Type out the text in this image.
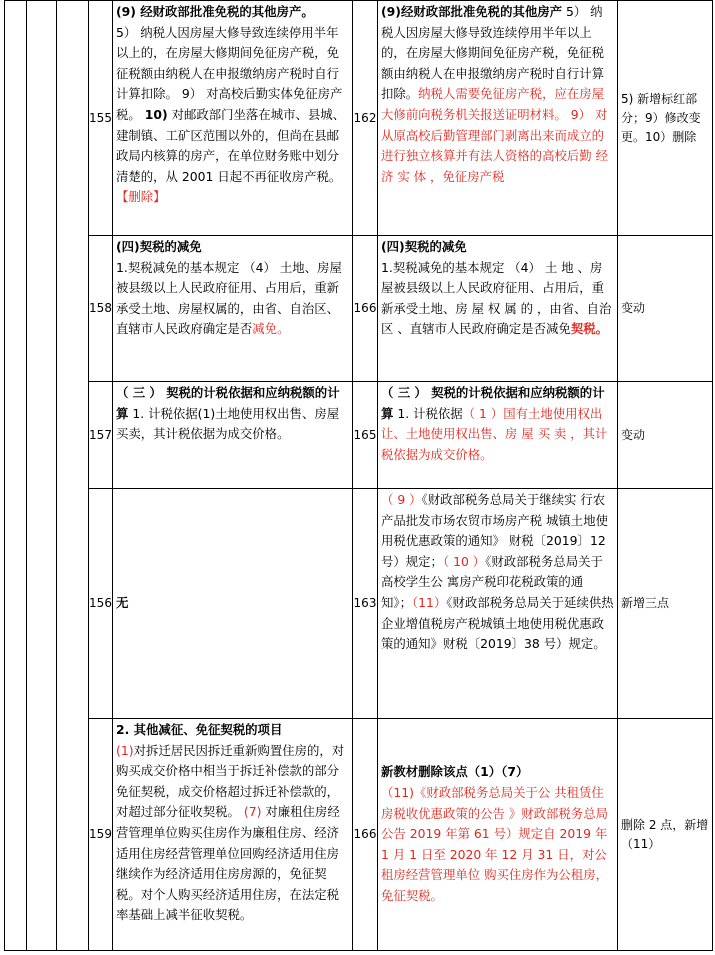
			155	(9) 经财政部批准免税的其他房产。
5） 纳税人因房屋大修导致连续停用半年以上的，在房屋大修期间免征房产税，免征税额由纳税人在申报缴纳房产税时自行计算扣除。 9） 对高校后勤实体免征房产税。 10) 对邮政部门坐落在城市、县城、建制镇、工矿区范围以外的，但尚在县邮政局内核算的房产，在单位财务账中划分清楚的，从 2001 日起不再征收房产税。【删除】	162	(9)经财政部批准免税的其他房产 5） 纳税人因房屋大修导致连续停用半年以上的，在房屋大修期间免征房产税，免征税额由纳税人在申报缴纳房产税时自行计算扣除。纳税人需要免征房产税，应在房屋大修前向税务机关报送证明材料。 9） 对从原高校后勤管理部门剥离出来而成立的进行独立核算并有法人资格的高校后勤 经 济 实 体 ，免征房产税	5) 新增标红部分；9）修改变更。10）删除
			158	(四)契税的减免
1.契税减免的基本规定 （4） 土地、房屋被县级以上人民政府征用、占用后，重新承受土地、房屋权属的，由省、自治区、直辖市人民政府确定是否减免。	166	(四)契税的减免
1.契税减免的基本规定 （4） 土 地 、房屋被县级以上人民政府征用、占用后，重新承受土地、房 屋 权 属 的 ，由省、自治 区 、直辖市人民政府确定是否减免契税。	变动
			157	（ 三 ） 契税的计税依据和应纳税额的计算 1. 计税依据(1)土地使用权出售、房屋买卖，其计税依据为成交价格。	165	（ 三 ） 契税的计税依据和应纳税额的计算 1. 计税依据（ 1 ）国有土地使用权出让、土地使用权出售、房 屋 买 卖 ，其计税依据为成交价格。	变动
			156	无	163	（ 9 ）《财政部税务总局关于继续实 行农产品批发市场农贸市场房产税 城镇土地使用税优惠政策的通知》 财税〔2019〕12 号）规定；（ 10 ）《财政部税务总局关于高校学生公 寓房产税印花税政策的通知》；（11）《财政部税务总局关于延续供热企业增值税房产税城镇土地使用税优惠政策的通知》财税〔2019〕38 号）规定。	新增三点
			159	2. 其他减征、免征契税的项目
(1)对拆迁居民因拆迁重新购置住房的，对购买成交价格中相当于拆迁补偿款的部分免征契税，成交价格超过拆迁补偿款的，对超过部分征收契税。 (7) 对廉租住房经营管理单位购买住房作为廉租住房、经济适用住房经营管理单位回购经济适用住房继续作为经济适用住房房源的，免征契税。对个人购买经济适用住房，在法定税率基础上减半征收契税。	166	新教材删除该点（1）（7）
（11)《财政部税务总局关于公 共租赁住房税收优惠政策的公告 》财政部税务总局公告 2019 年第 61 号）规定自 2019 年 1 月 1 日至 2020 年 12 月 31 日，对公租房经营管理单位 购买住房作为公租房，免征契税。	删除 2 点，新增（11）
